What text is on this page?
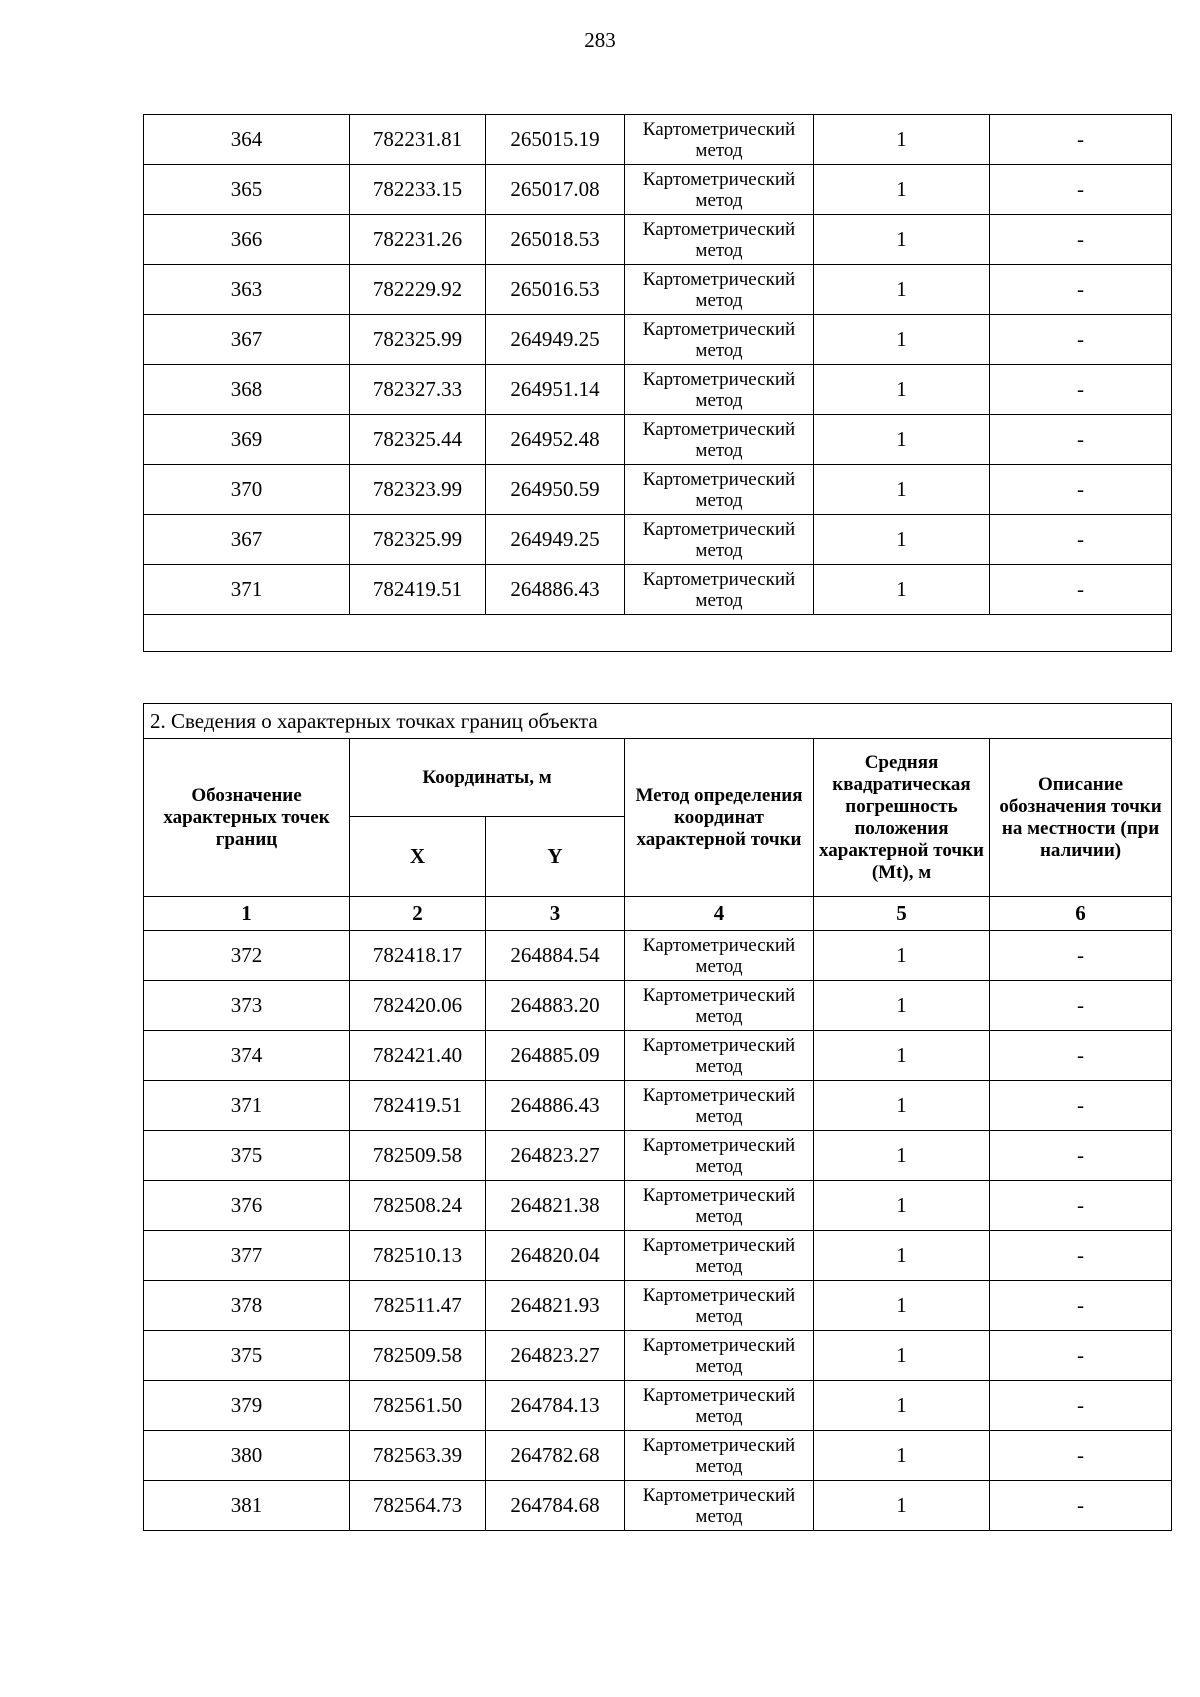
283
364	782231.81	265015.19	Картометрический метод	1	-
365	782233.15	265017.08	Картометрический метод	1	-
366	782231.26	265018.53	Картометрический метод	1	-
363	782229.92	265016.53	Картометрический метод	1	-
367	782325.99	264949.25	Картометрический метод	1	-
368	782327.33	264951.14	Картометрический метод	1	-
369	782325.44	264952.48	Картометрический метод	1	-
370	782323.99	264950.59	Картометрический метод	1	-
367	782325.99	264949.25	Картометрический метод	1	-
371	782419.51	264886.43	Картометрический метод	1	-

2. Сведения о характерных точках границ объекта					
Обозначение характерных точек границ	Координаты, м		Метод определения координат характерной точки	Средняя квадратическая погрешность положения характерной точки (Mt), м	Описание обозначения точки на местности (при наличии)
	X	Y			
1	2	3	4	5	6
372	782418.17	264884.54	Картометрический метод	1	-
373	782420.06	264883.20	Картометрический метод	1	-
374	782421.40	264885.09	Картометрический метод	1	-
371	782419.51	264886.43	Картометрический метод	1	-
375	782509.58	264823.27	Картометрический метод	1	-
376	782508.24	264821.38	Картометрический метод	1	-
377	782510.13	264820.04	Картометрический метод	1	-
378	782511.47	264821.93	Картометрический метод	1	-
375	782509.58	264823.27	Картометрический метод	1	-
379	782561.50	264784.13	Картометрический метод	1	-
380	782563.39	264782.68	Картометрический метод	1	-
381	782564.73	264784.68	Картометрический метод	1	-
